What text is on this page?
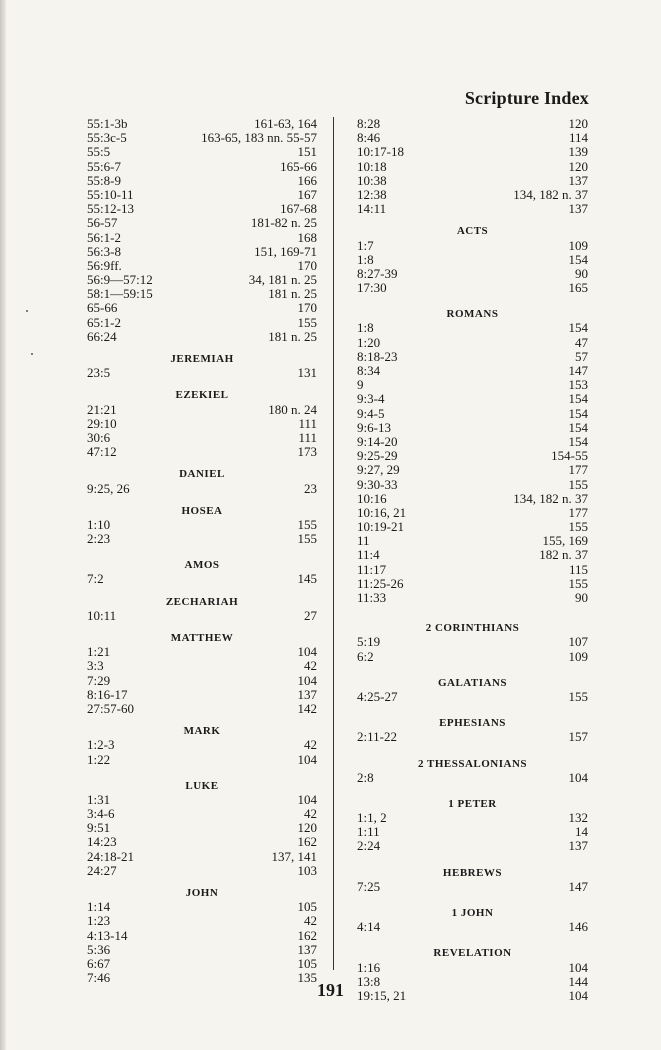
Scripture Index
55:1-3b	161-63, 164
55:3c-5	163-65, 183 nn. 55-57
55:5	151
55:6-7	165-66
55:8-9	166
55:10-11	167
55:12-13	167-68
56-57	181-82 n. 25
56:1-2	168
56:3-8	151, 169-71
56:9ff.	170
56:9—57:12	34, 181 n. 25
58:1—59:15	181 n. 25
65-66	170
65:1-2	155
66:24	181 n. 25
JEREMIAH
23:5	131
EZEKIEL
21:21	180 n. 24
29:10	111
30:6	111
47:12	173
DANIEL
9:25, 26	23
HOSEA
1:10	155
2:23	155
AMOS
7:2	145
ZECHARIAH
10:11	27
MATTHEW
1:21	104
3:3	42
7:29	104
8:16-17	137
27:57-60	142
MARK
1:2-3	42
1:22	104
LUKE
1:31	104
3:4-6	42
9:51	120
14:23	162
24:18-21	137, 141
24:27	103
JOHN
1:14	105
1:23	42
4:13-14	162
5:36	137
6:67	105
7:46	135
8:28	120
8:46	114
10:17-18	139
10:18	120
10:38	137
12:38	134, 182 n. 37
14:11	137
ACTS
1:7	109
1:8	154
8:27-39	90
17:30	165
ROMANS
1:8	154
1:20	47
8:18-23	57
8:34	147
9	153
9:3-4	154
9:4-5	154
9:6-13	154
9:14-20	154
9:25-29	154-55
9:27, 29	177
9:30-33	155
10:16	134, 182 n. 37
10:16, 21	177
10:19-21	155
11	155, 169
11:4	182 n. 37
11:17	115
11:25-26	155
11:33	90
2 CORINTHIANS
5:19	107
6:2	109
GALATIANS
4:25-27	155
EPHESIANS
2:11-22	157
2 THESSALONIANS
2:8	104
1 PETER
1:1, 2	132
1:11	14
2:24	137
HEBREWS
7:25	147
1 JOHN
4:14	146
REVELATION
1:16	104
13:8	144
19:15, 21	104
191
